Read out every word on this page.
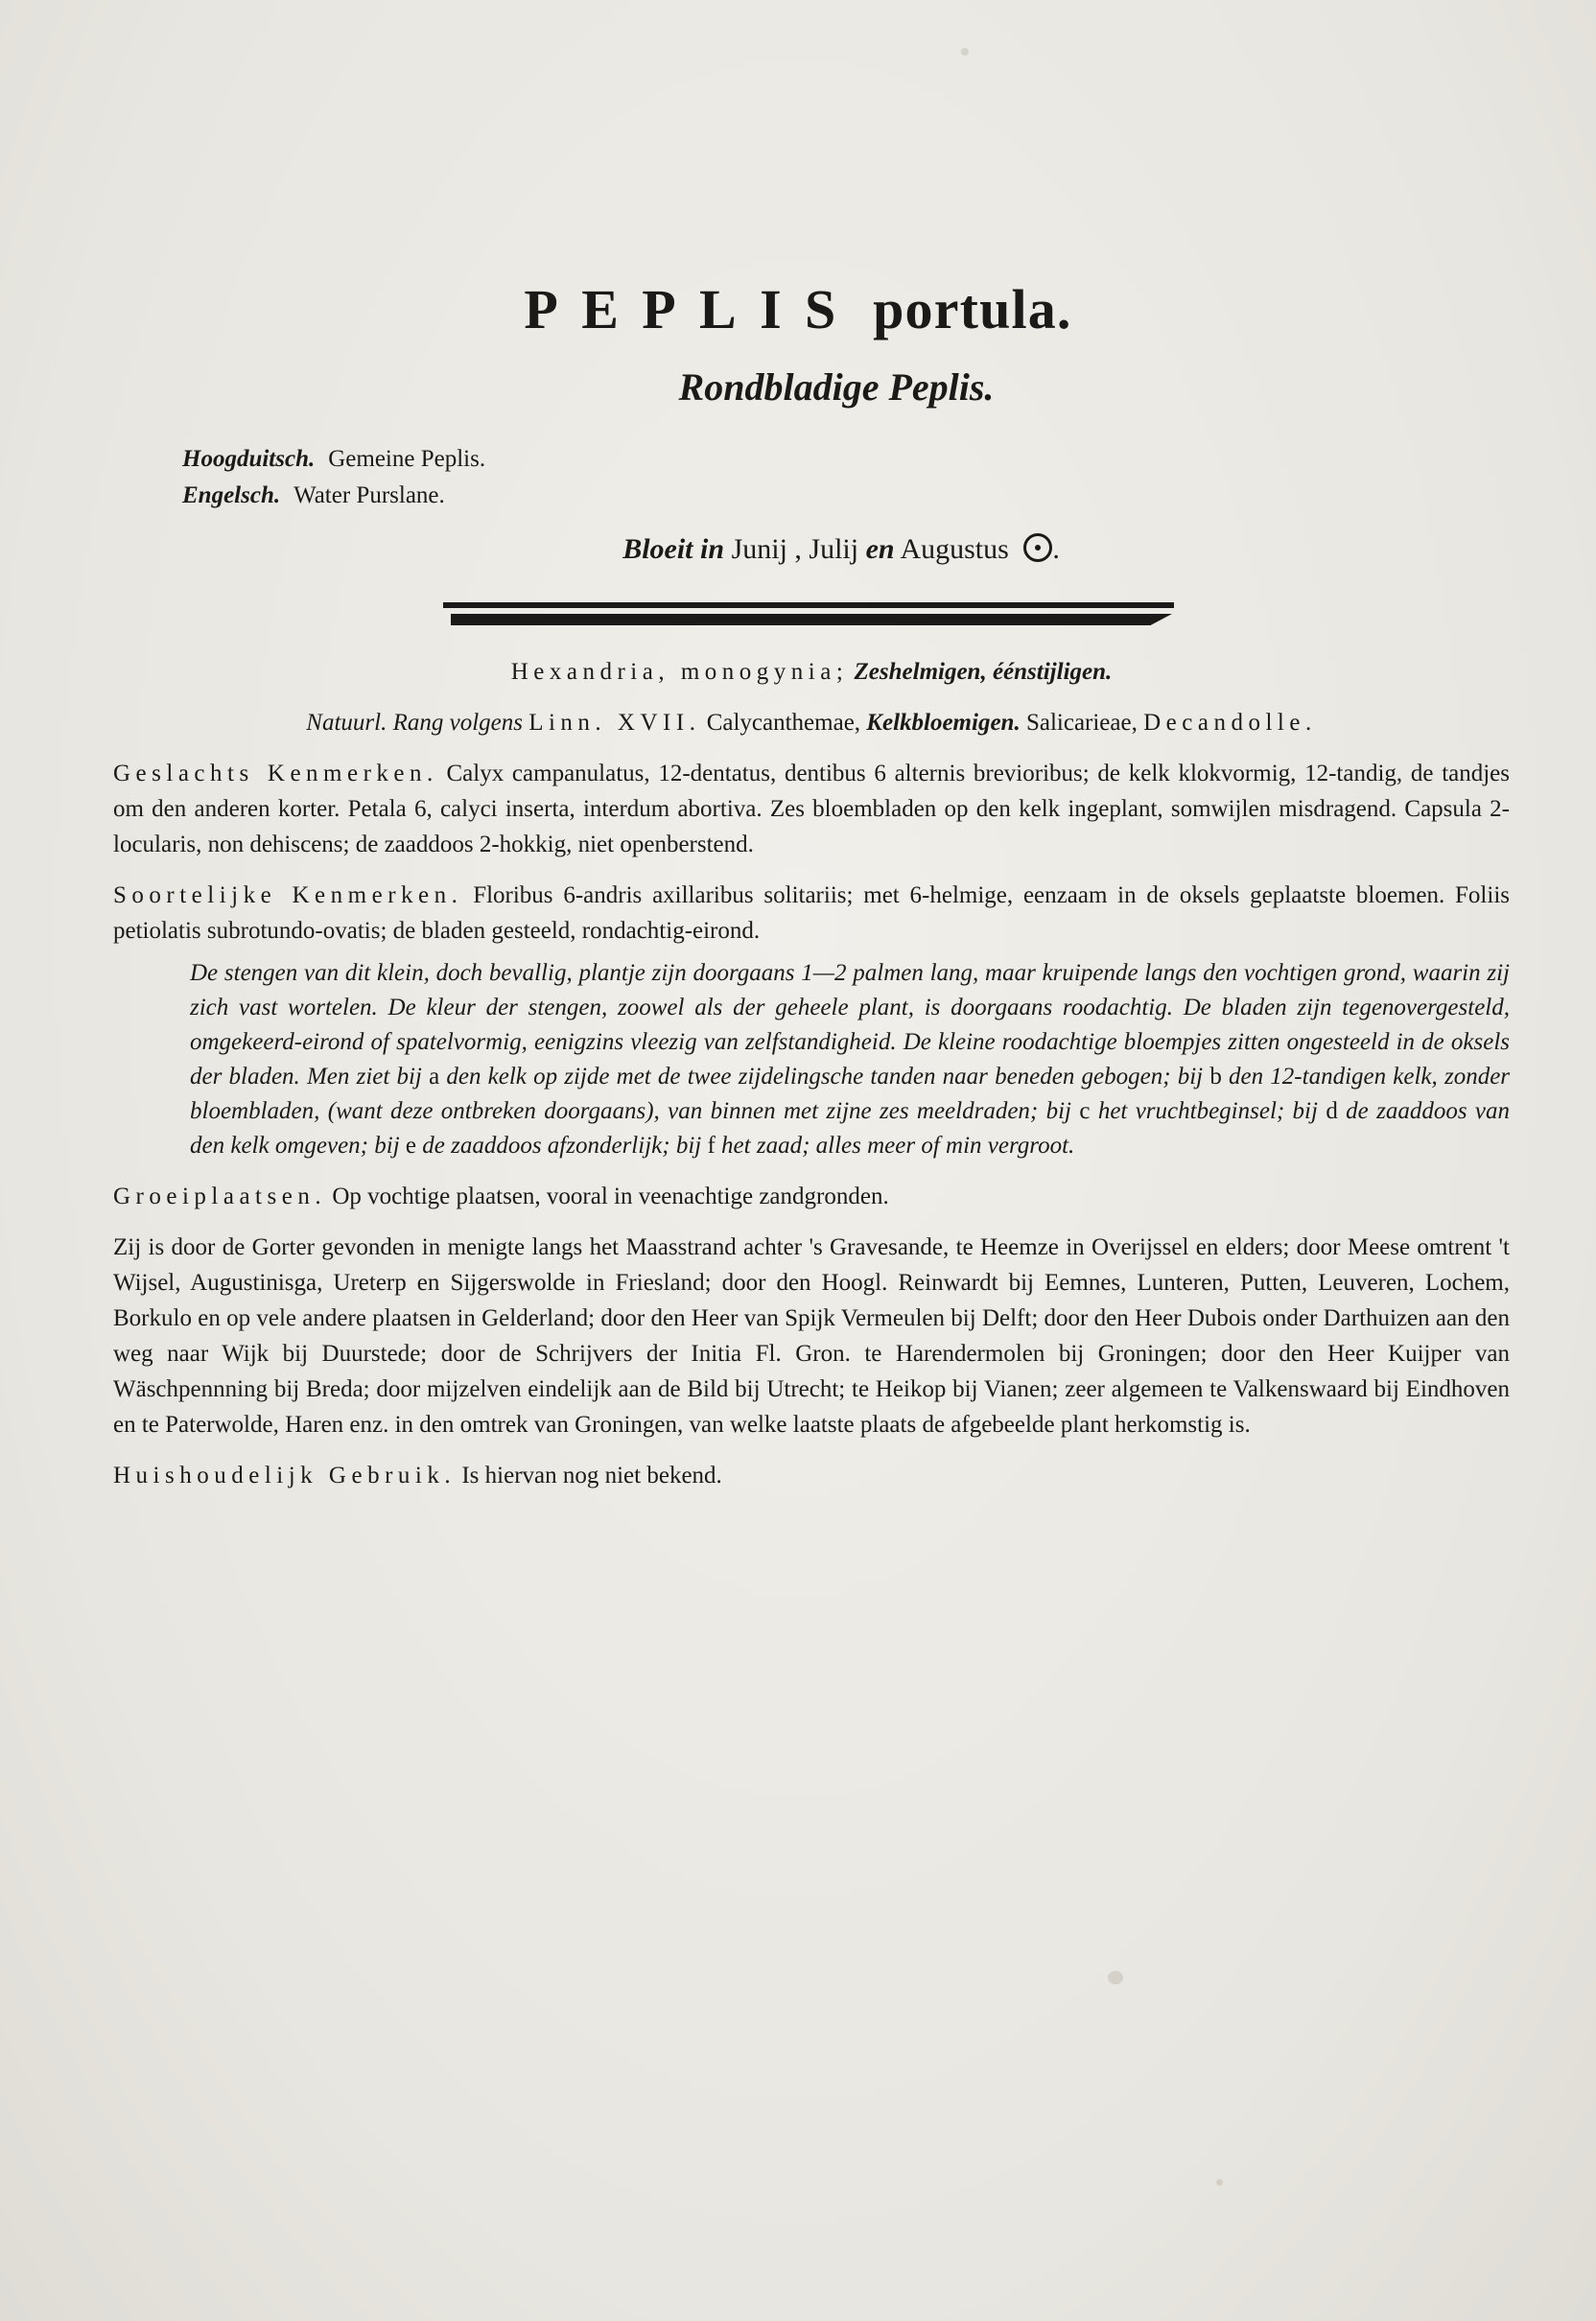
PEPLIS portula.
Rondbladige Peplis.
Hoogduitsch. Gemeine Peplis.
Engelsch. Water Purslane.
Bloeit in Junij , Julij en Augustus .

Hexandria, monogynia; Zeshelmigen, éénstijligen.

Natuurl. Rang volgens Linn. XVII. Calycanthemae, Kelkbloemigen. Salicarieae, Decandolle.

Geslachts Kenmerken. Calyx campanulatus, 12-dentatus, dentibus 6 alternis brevioribus; de kelk klokvormig, 12-tandig, de tandjes om den anderen korter. Petala 6, calyci inserta, interdum abortiva. Zes bloembladen op den kelk ingeplant, somwijlen misdragend. Capsula 2-locularis, non dehiscens; de zaaddoos 2-hokkig, niet openberstend.

Soortelijke Kenmerken. Floribus 6-andris axillaribus solitariis; met 6-helmige, eenzaam in de oksels geplaatste bloemen. Foliis petiolatis subrotundo-ovatis; de bladen gesteeld, rondachtig-eirond.

De stengen van dit klein, doch bevallig, plantje zijn doorgaans 1—2 palmen lang, maar kruipende langs den vochtigen grond, waarin zij zich vast wortelen. De kleur der stengen, zoowel als der geheele plant, is doorgaans roodachtig. De bladen zijn tegenovergesteld, omgekeerd-eirond of spatelvormig, eenigzins vleezig van zelfstandigheid. De kleine roodachtige bloempjes zitten ongesteeld in de oksels der bladen. Men ziet bij a den kelk op zijde met de twee zijdelingsche tanden naar beneden gebogen; bij b den 12-tandigen kelk, zonder bloembladen, (want deze ontbreken doorgaans), van binnen met zijne zes meeldraden; bij c het vruchtbeginsel; bij d de zaaddoos van den kelk omgeven; bij e de zaaddoos afzonderlijk; bij f het zaad; alles meer of min vergroot.

Groeiplaatsen. Op vochtige plaatsen, vooral in veenachtige zandgronden.

Zij is door de Gorter gevonden in menigte langs het Maasstrand achter 's Gravesande, te Heemze in Overijssel en elders; door Meese omtrent 't Wijsel, Augustinisga, Ureterp en Sijgerswolde in Friesland; door den Hoogl. Reinwardt bij Eemnes, Lunteren, Putten, Leuveren, Lochem, Borkulo en op vele andere plaatsen in Gelderland; door den Heer van Spijk Vermeulen bij Delft; door den Heer Dubois onder Darthuizen aan den weg naar Wijk bij Duurstede; door de Schrijvers der Initia Fl. Gron. te Harendermolen bij Groningen; door den Heer Kuijper van Wäschpennning bij Breda; door mijzelven eindelijk aan de Bild bij Utrecht; te Heikop bij Vianen; zeer algemeen te Valkenswaard bij Eindhoven en te Paterwolde, Haren enz. in den omtrek van Groningen, van welke laatste plaats de afgebeelde plant herkomstig is.

Huishoudelijk Gebruik. Is hiervan nog niet bekend.
